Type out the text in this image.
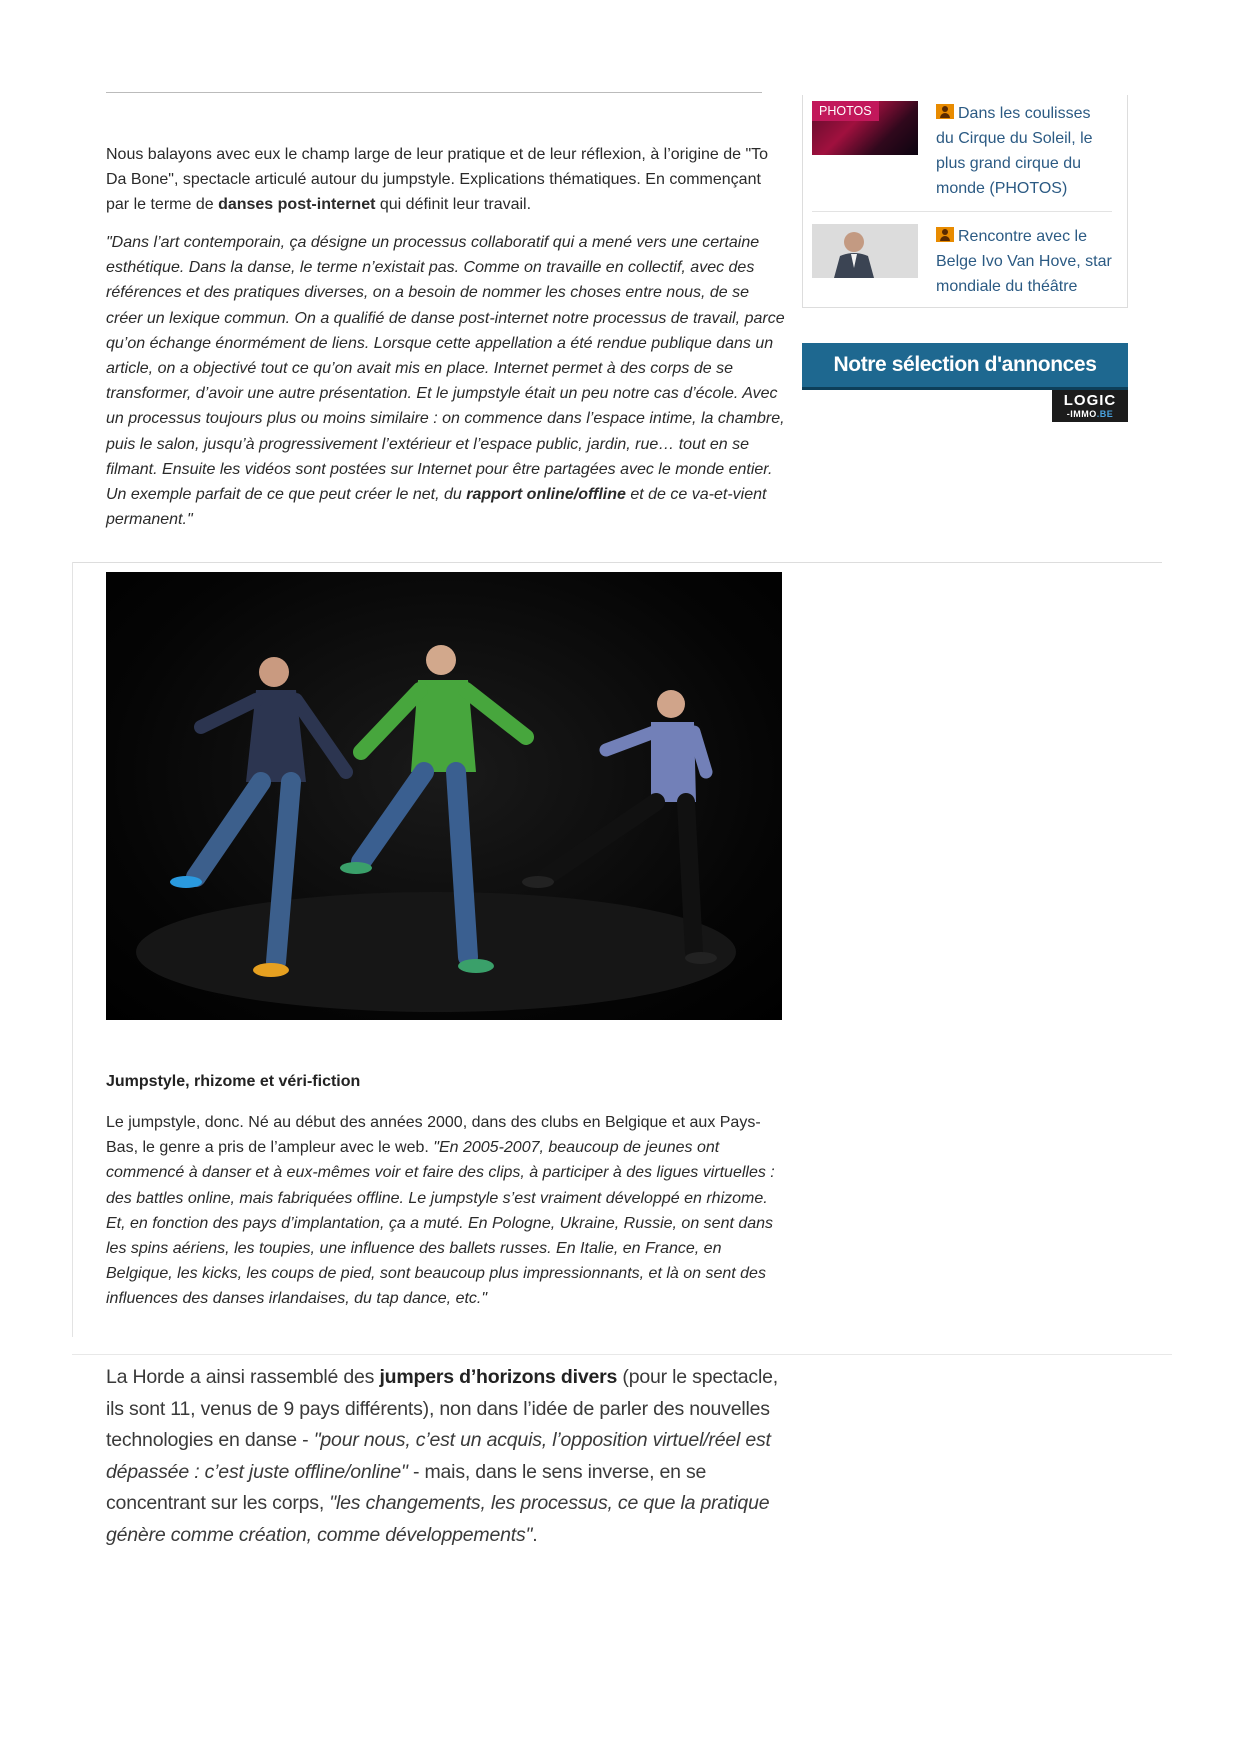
Nous balayons avec eux le champ large de leur pratique et de leur réflexion, à l’origine de "To Da Bone", spectacle articulé autour du jumpstyle. Explications thématiques. En commençant par le terme de danses post-internet qui définit leur travail.

"Dans l’art contemporain, ça désigne un processus collaboratif qui a mené vers une certaine esthétique. Dans la danse, le terme n’existait pas. Comme on travaille en collectif, avec des références et des pratiques diverses, on a besoin de nommer les choses entre nous, de se créer un lexique commun. On a qualifié de danse post-internet notre processus de travail, parce qu’on échange énormément de liens. Lorsque cette appellation a été rendue publique dans un article, on a objectivé tout ce qu’on avait mis en place. Internet permet à des corps de se transformer, d’avoir une autre présentation. Et le jumpstyle était un peu notre cas d’école. Avec un processus toujours plus ou moins similaire : on commence dans l’espace intime, la chambre, puis le salon, jusqu’à progressivement l’extérieur et l’espace public, jardin, rue… tout en se filmant. Ensuite les vidéos sont postées sur Internet pour être partagées avec le monde entier. Un exemple parfait de ce que peut créer le net, du rapport online/offline et de ce va-et-vient permanent."

Jumpstyle, rhizome et véri-fiction

Le jumpstyle, donc. Né au début des années 2000, dans des clubs en Belgique et aux Pays-Bas, le genre a pris de l’ampleur avec le web. "En 2005-2007, beaucoup de jeunes ont commencé à danser et à eux-mêmes voir et faire des clips, à participer à des ligues virtuelles : des battles online, mais fabriquées offline. Le jumpstyle s’est vraiment développé en rhizome. Et, en fonction des pays d’implantation, ça a muté. En Pologne, Ukraine, Russie, on sent dans les spins aériens, les toupies, une influence des ballets russes. En Italie, en France, en Belgique, les kicks, les coups de pied, sont beaucoup plus impressionnants, et là on sent des influences des danses irlandaises, du tap dance, etc."

La Horde a ainsi rassemblé des jumpers d’horizons divers (pour le spectacle, ils sont 11, venus de 9 pays différents), non dans l’idée de parler des nouvelles technologies en danse - "pour nous, c’est un acquis, l’opposition virtuel/réel est dépassée : c’est juste offline/online" - mais, dans le sens inverse, en se concentrant sur les corps, "les changements, les processus, ce que la pratique génère comme création, comme développements".

PHOTOS	Dans les coulisses du Cirque du Soleil, le plus grand cirque du monde (PHOTOS)
Rencontre avec le Belge Ivo Van Hove, star mondiale du théâtre
Notre sélection d'annonces
LOGIC
-IMMO.BE
